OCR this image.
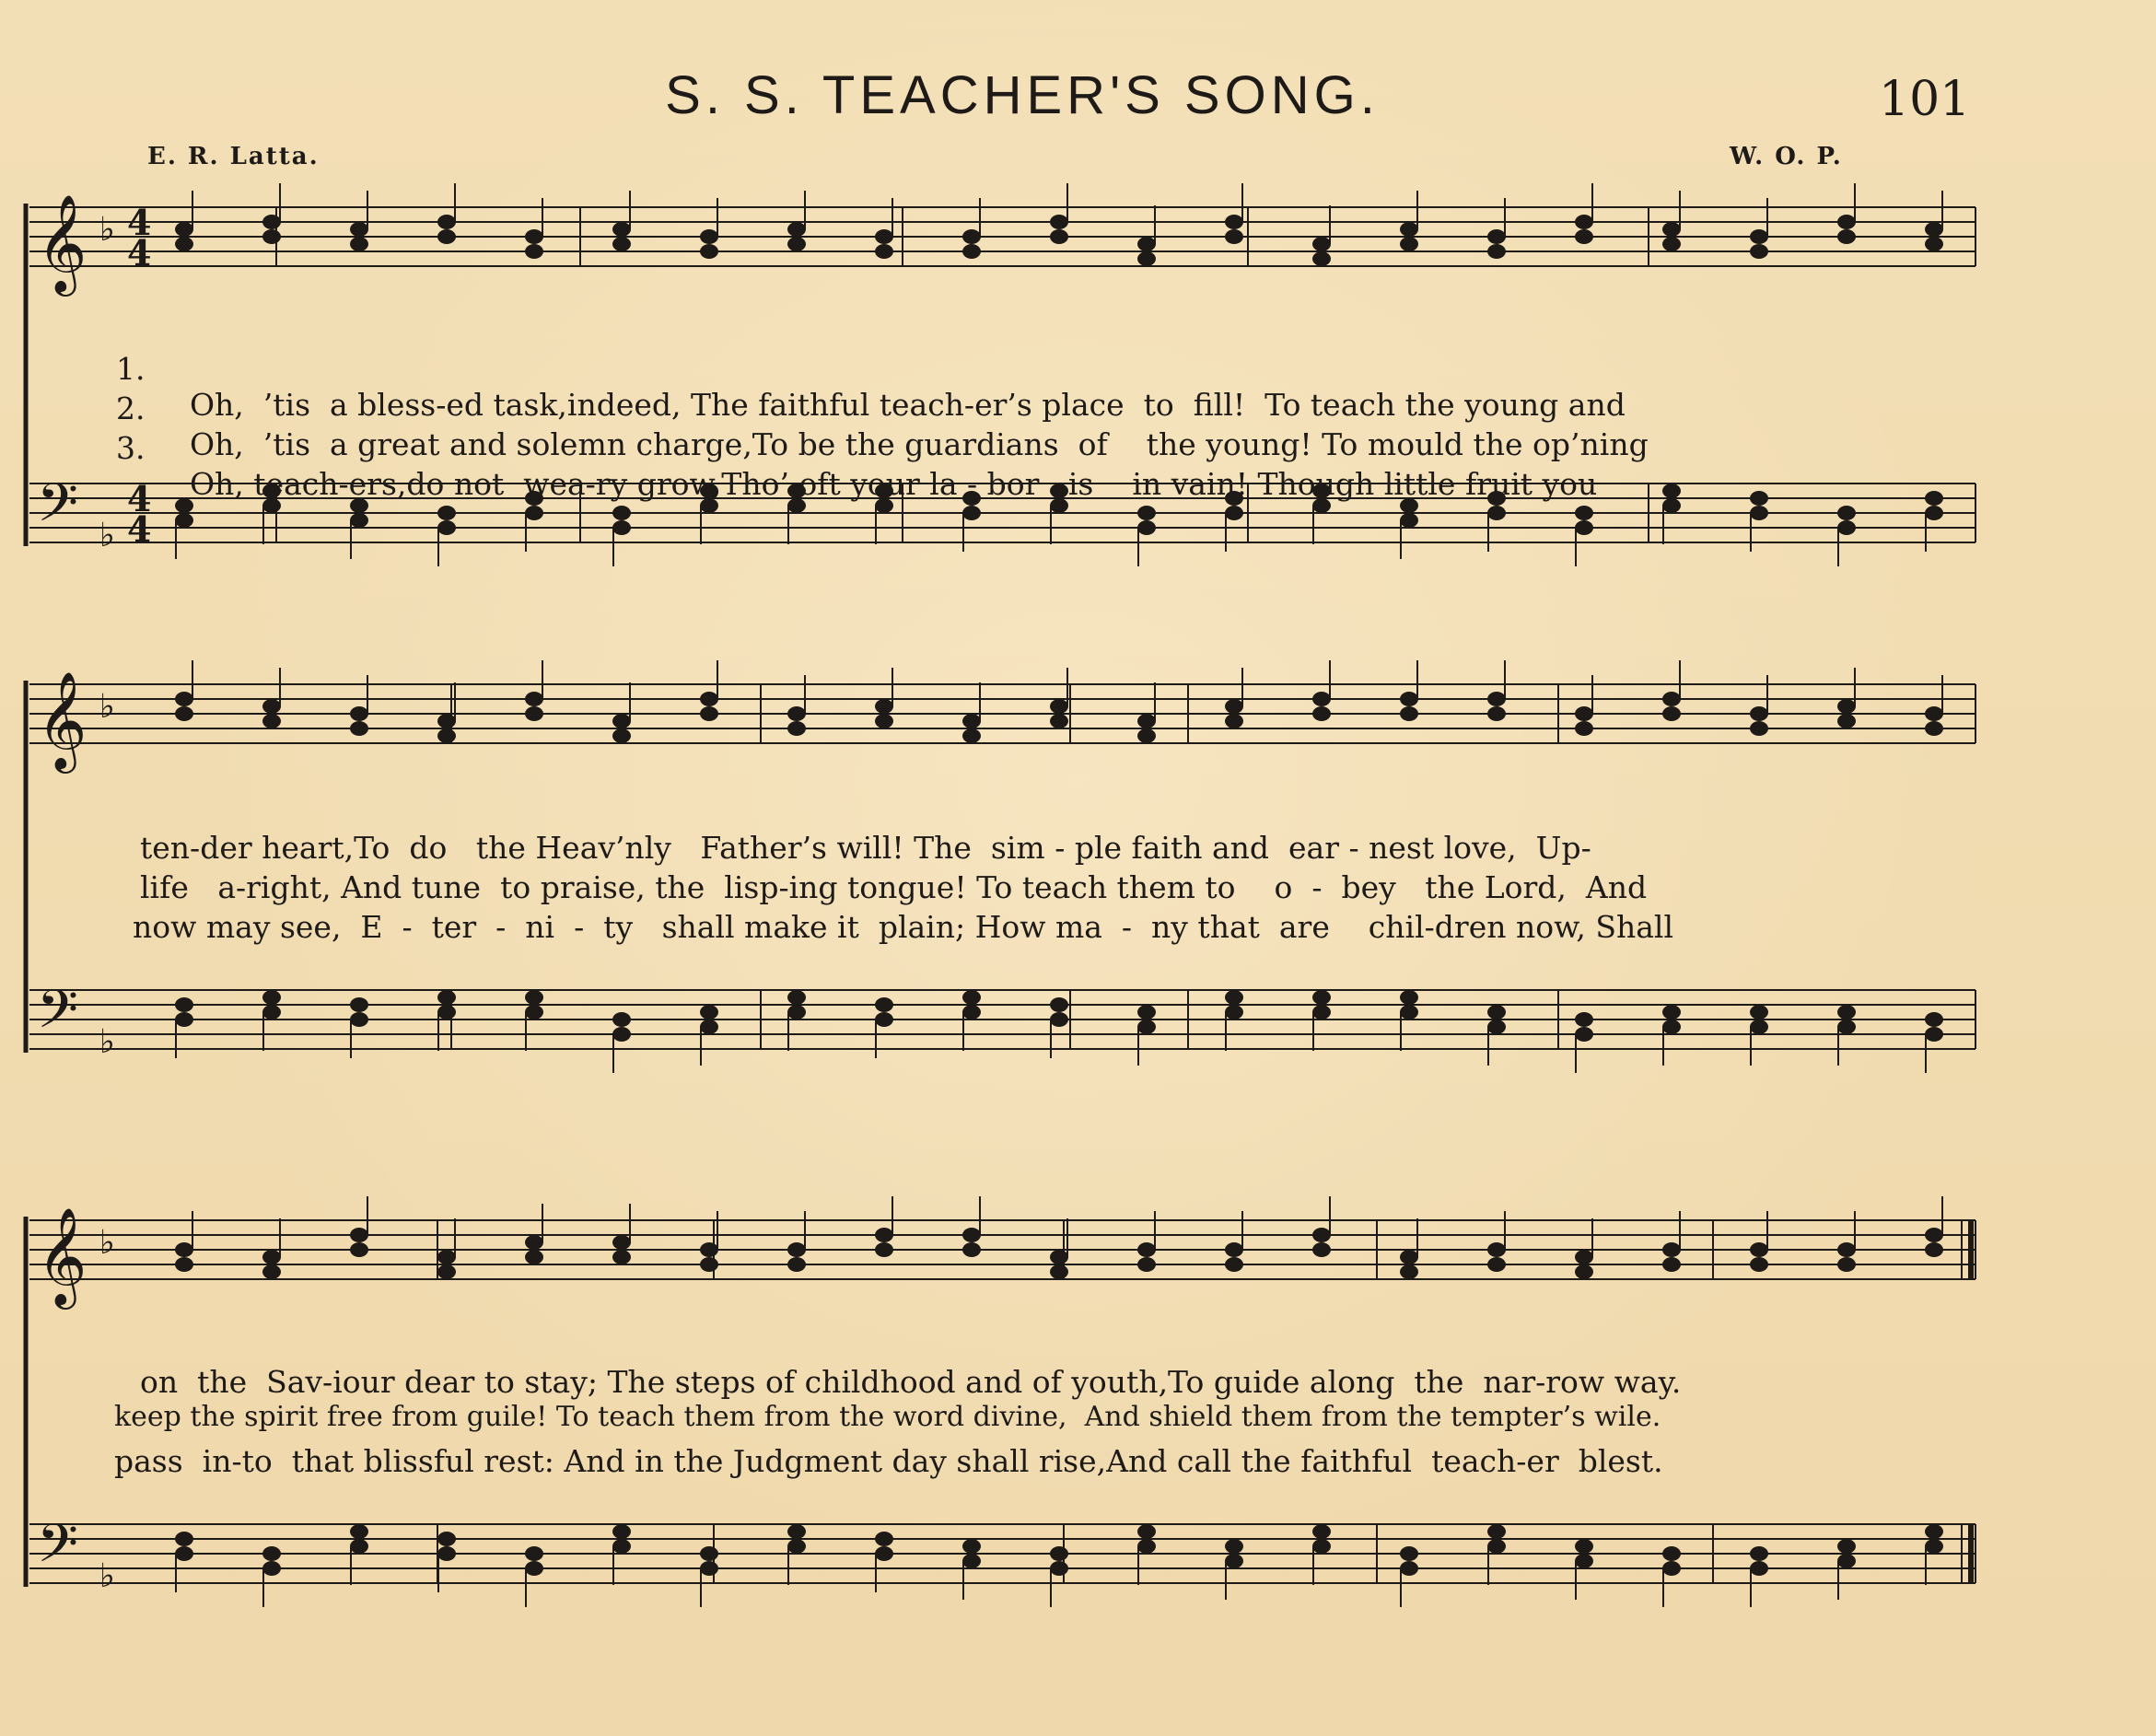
S. S. TEACHER'S SONG.	101
E. R. Latta.	W. O. P.
𝄞
𝄢
♭
♭
4
4
4
4
𝄞
𝄢
♭
♭
𝄞
𝄢
♭
♭

1.

Oh,  ’tis  a bless-ed task,indeed, The faithful teach-er’s place  to  fill!  To teach the young and

2.

Oh,  ’tis  a great and solemn charge,To be the guardians  of    the young! To mould the op’ning

3.

Oh, teach-ers,do not  wea-ry grow,Tho’ oft your la - bor   is    in vain! Though little fruit you

ten-der heart,To  do   the Heav’nly   Father’s will! The  sim - ple faith and  ear - nest love,  Up-

life   a-right, And tune  to praise, the  lisp-ing tongue! To teach them to    o  -  bey   the Lord,  And

now may see,  E  -  ter  -  ni  -  ty   shall make it  plain; How ma  -  ny that  are    chil-dren now, Shall

on  the  Sav-iour dear to stay; The steps of childhood and of youth,To guide along  the  nar-row way.

keep the spirit free from guile! To teach them from the word divine,  And shield them from the tempter’s wile.

pass  in-to  that blissful rest: And in the Judgment day shall rise,And call the faithful  teach-er  blest.
